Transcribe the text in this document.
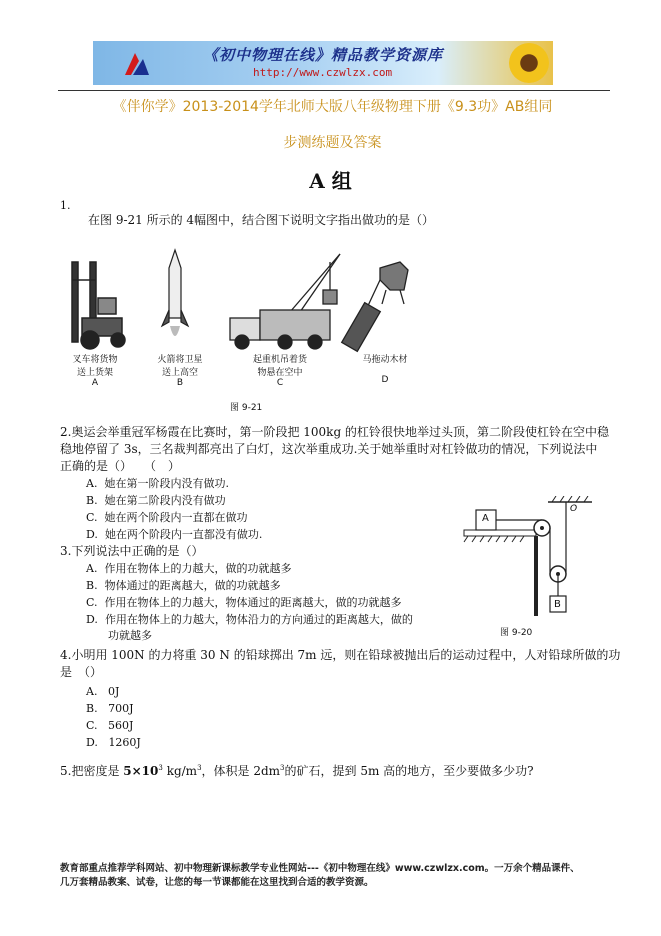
《初中物理在线》精品教学资源库
http://www.czwlzx.com
《伴你学》2013-2014学年北师大版八年级物理下册《9.3功》AB组同
步测练题及答案
A 组
1.
在图 9-21 所示的 4幅图中，结合图下说明文字指出做功的是（）
叉车将货物
送上货架
A
火箭将卫星
送上高空
B
起重机吊着货
物悬在空中
C
马拖动木材

D
图 9-21
2.奥运会举重冠军杨霞在比赛时，第一阶段把 100kg 的杠铃很快地举过头顶，第二阶段使杠铃在空中稳
稳地停留了 3s，三名裁判都亮出了白灯，这次举重成功.关于她举重时对杠铃做功的情况，下列说法中
正确的是（）　　（　）
A. 她在第一阶段内没有做功.
B. 她在第二阶段内没有做功
C. 她在两个阶段内一直都在做功
D. 她在两个阶段内一直都没有做功.
A
B
O
图 9-20
3.下列说法中正确的是（）
A. 作用在物体上的力越大，做的功就越多
B. 物体通过的距离越大，做的功就越多
C. 作用在物体上的力越大，物体通过的距离越大，做的功就越多
D. 作用在物体上的力越大，物体沿力的方向通过的距离越大，做的
功就越多
4.小明用 100N 的力将重 30 N 的铅球掷出 7m 远，则在铅球被抛出后的运动过程中，人对铅球所做的功
是　（）
A. 0J
B. 700J
C. 560J
D. 1260J
5.把密度是 $5\times 10^3$ $kg/m^3$，体积是 $2dm^3$的矿石，提到 5m 高的地方，至少要做多少功?
教育部重点推荐学科网站、初中物理新课标教学专业性网站---《初中物理在线》www.czwlzx.com。一万余个精品课件、
几万套精品教案、试卷，让您的每一节课都能在这里找到合适的教学资源。
